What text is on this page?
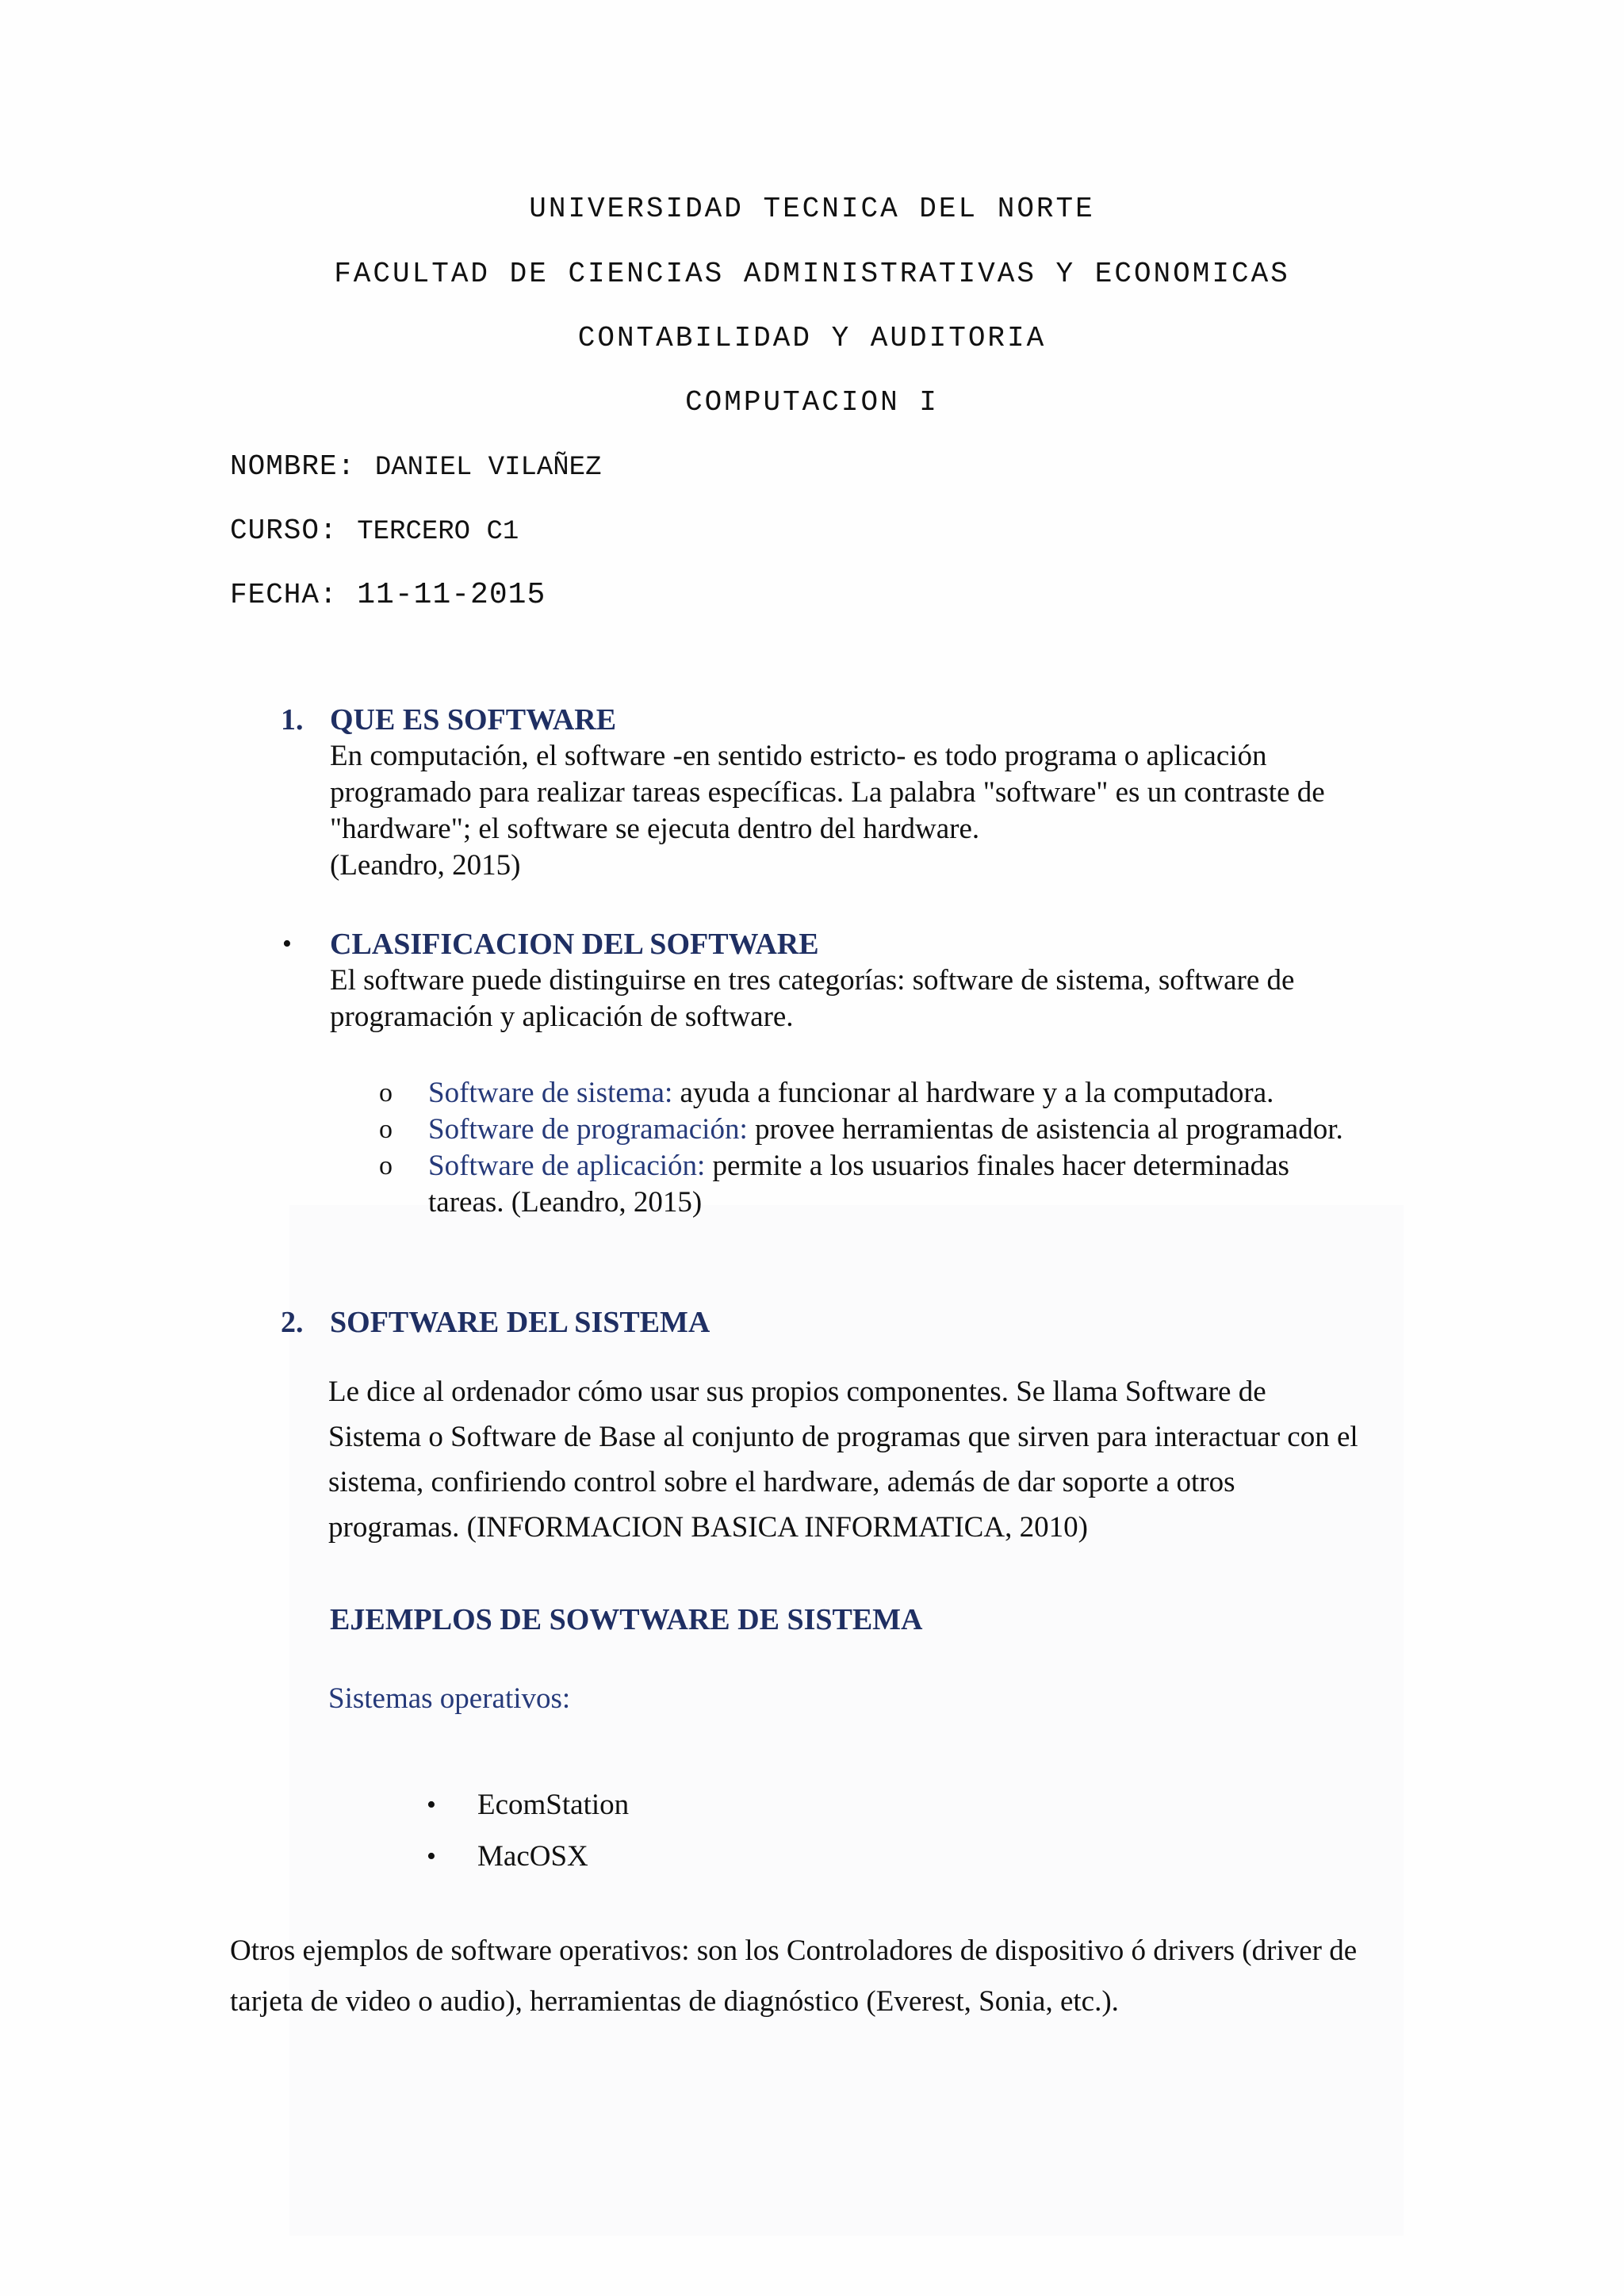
UNIVERSIDAD TECNICA DEL NORTE
FACULTAD DE CIENCIAS ADMINISTRATIVAS Y ECONOMICAS
CONTABILIDAD Y AUDITORIA
COMPUTACION I
NOMBRE: DANIEL VILAÑEZ
CURSO: TERCERO C1
FECHA: 11-11-2015
1. QUE ES SOFTWARE
En computación, el software -en sentido estricto- es todo programa o aplicación
programado para realizar tareas específicas. La palabra "software" es un contraste de
"hardware"; el software se ejecuta dentro del hardware.
(Leandro, 2015)
• CLASIFICACION DEL SOFTWARE
El software puede distinguirse en tres categorías: software de sistema, software de
programación y aplicación de software.
o Software de sistema: ayuda a funcionar al hardware y a la computadora.
o Software de programación: provee herramientas de asistencia al programador.
o Software de aplicación: permite a los usuarios finales hacer determinadas
tareas. (Leandro, 2015)
2. SOFTWARE DEL SISTEMA
Le dice al ordenador cómo usar sus propios componentes. Se llama Software de
Sistema o Software de Base al conjunto de programas que sirven para interactuar con el
sistema, confiriendo control sobre el hardware, además de dar soporte a otros
programas. (INFORMACION BASICA INFORMATICA, 2010)
EJEMPLOS DE SOWTWARE DE SISTEMA
Sistemas operativos:
• EcomStation
• MacOSX
Otros ejemplos de software operativos: son los Controladores de dispositivo ó drivers (driver de
tarjeta de video o audio), herramientas de diagnóstico (Everest, Sonia, etc.).
